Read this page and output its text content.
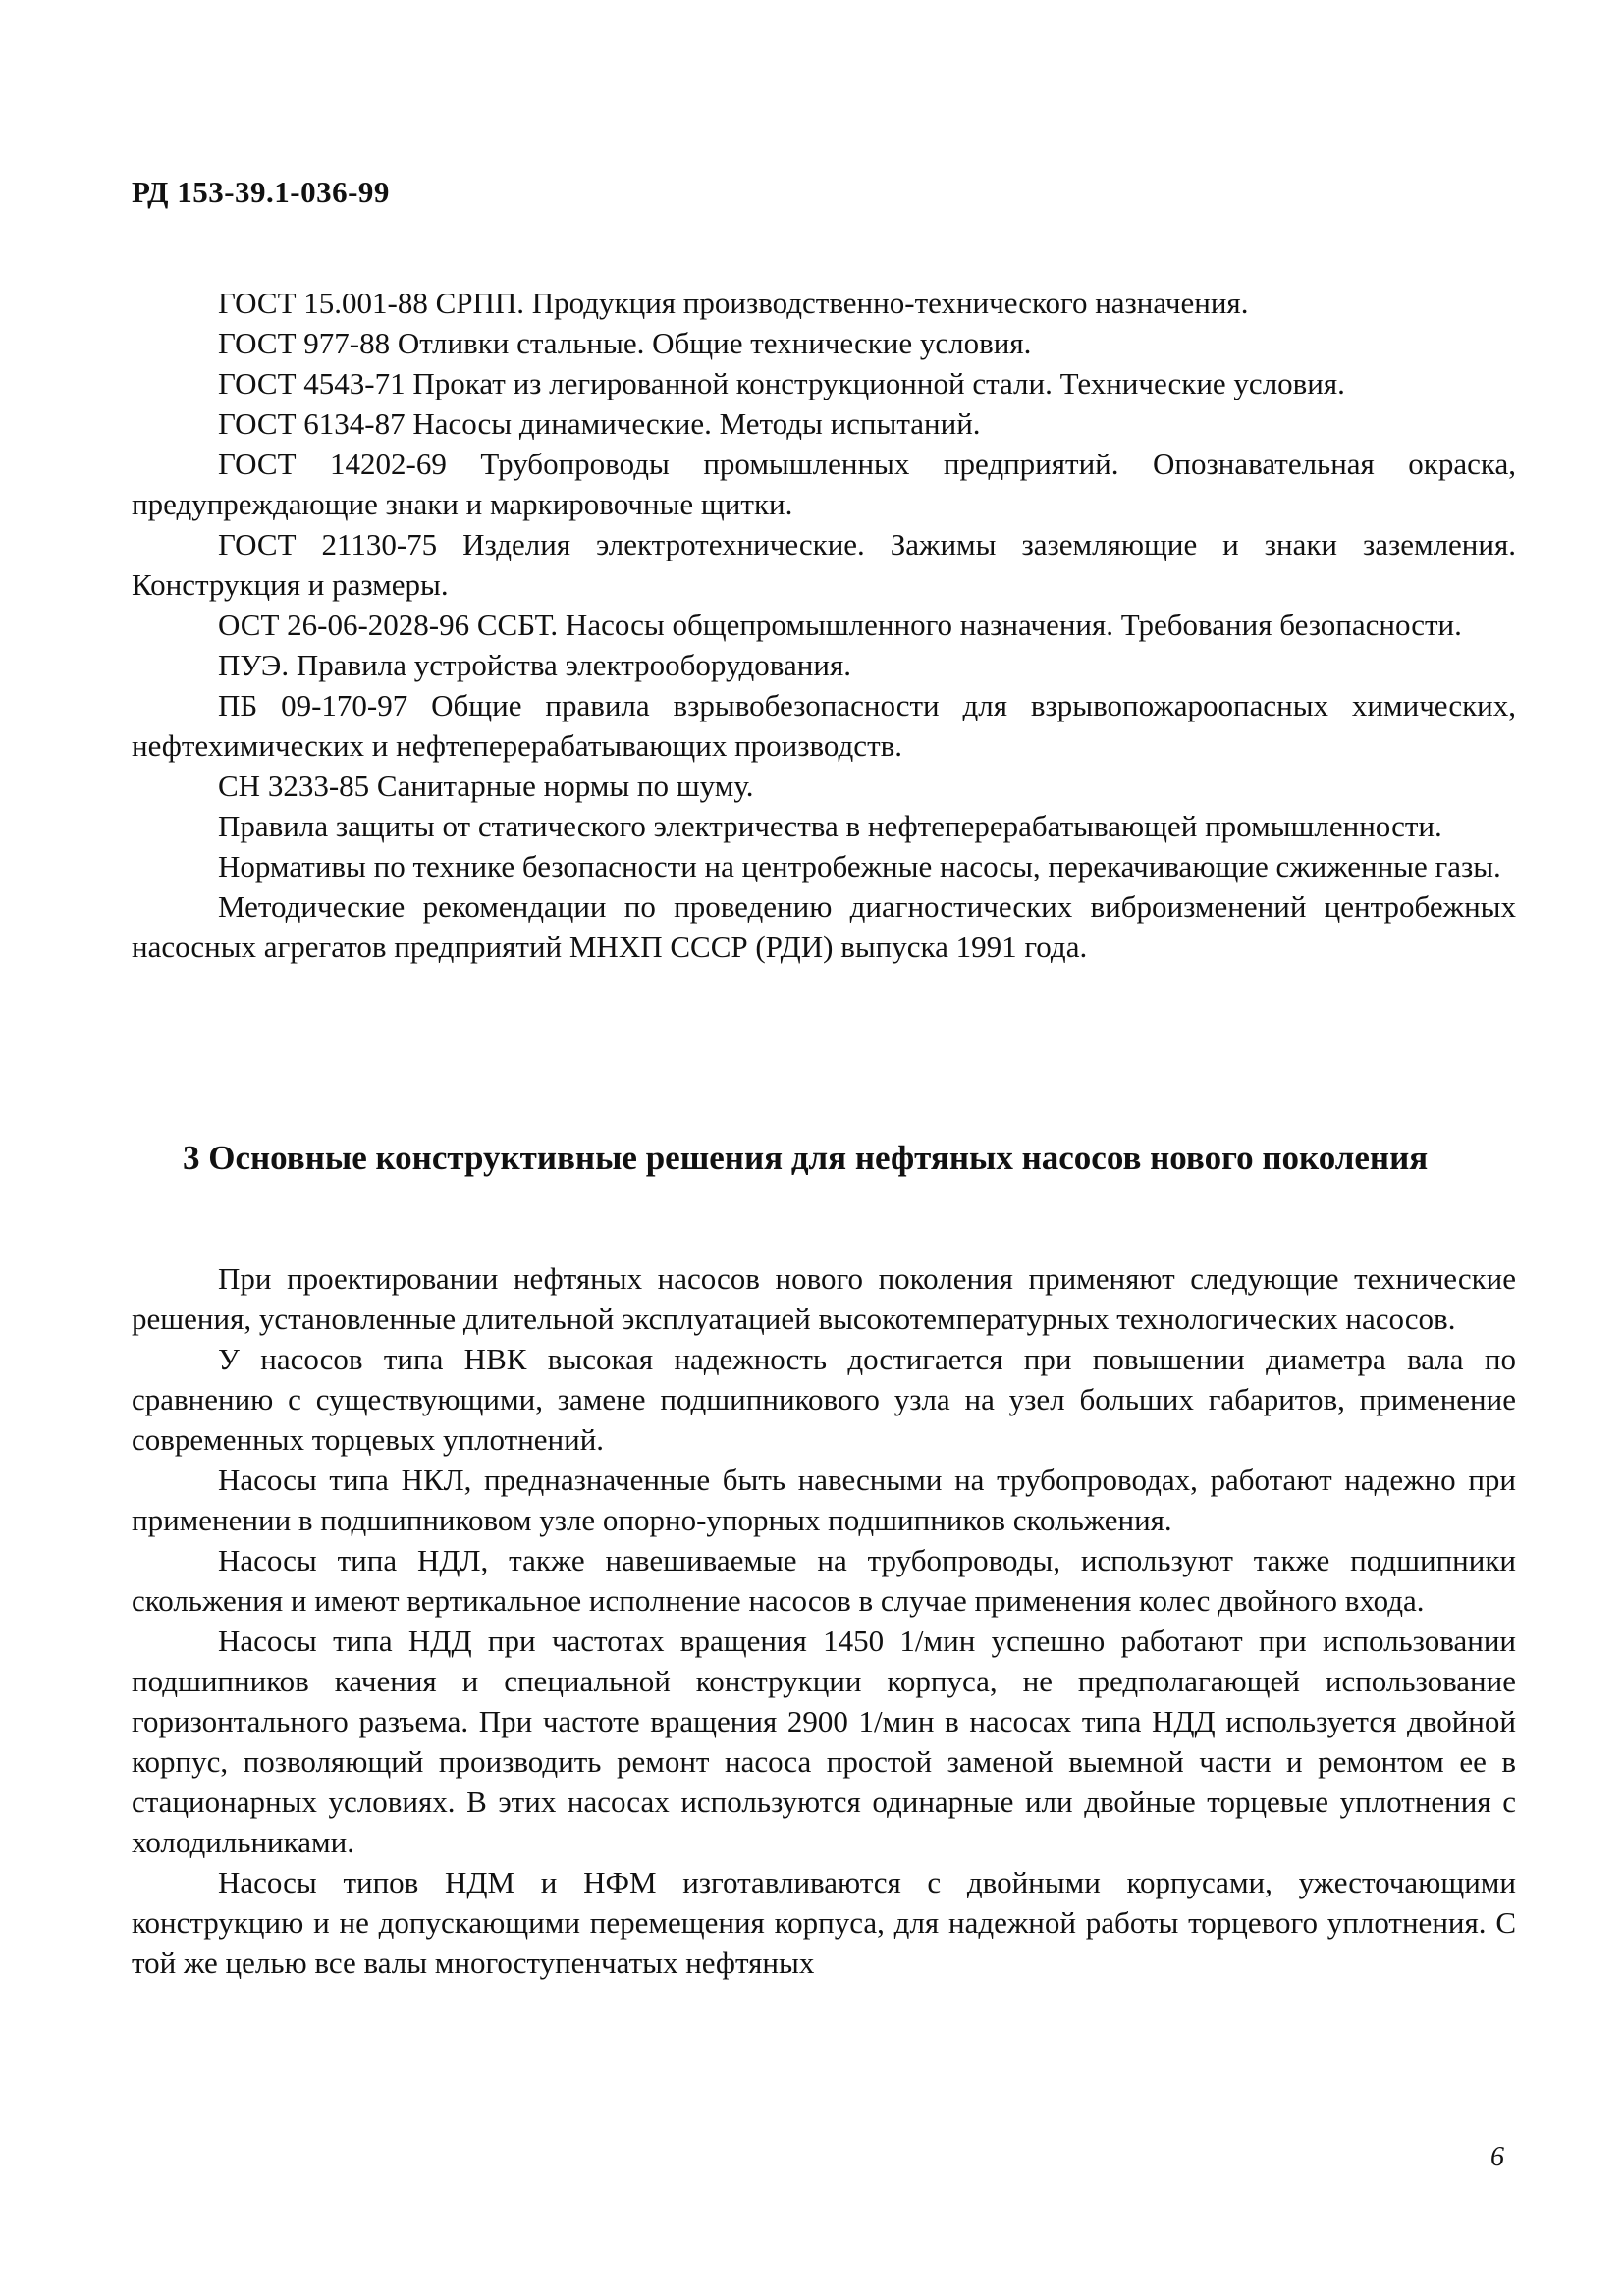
РД 153-39.1-036-99

ГОСТ 15.001-88 СРПП. Продукция производственно-технического назначения.

ГОСТ 977-88 Отливки стальные. Общие технические условия.

ГОСТ 4543-71 Прокат из легированной конструкционной стали. Технические условия.

ГОСТ 6134-87 Насосы динамические. Методы испытаний.

ГОСТ 14202-69 Трубопроводы промышленных предприятий. Опознавательная окраска, предупреждающие знаки и маркировочные щитки.

ГОСТ 21130-75 Изделия электротехнические. Зажимы заземляющие и знаки заземления. Конструкция и размеры.

ОСТ 26-06-2028-96 ССБТ. Насосы общепромышленного назначения. Требования безопасности.

ПУЭ. Правила устройства электрооборудования.

ПБ 09-170-97 Общие правила взрывобезопасности для взрывопожароопасных химических, нефтехимических и нефтеперерабатывающих производств.

СН 3233-85 Санитарные нормы по шуму.

Правила защиты от статического электричества в нефтеперерабатывающей промышленности.

Нормативы по технике безопасности на центробежные насосы, перекачивающие сжиженные газы.

Методические рекомендации по проведению диагностических виброизменений центробежных насосных агрегатов предприятий МНХП СССР (РДИ) выпуска 1991 года.

3 Основные конструктивные решения для нефтяных насосов нового поколения

При проектировании нефтяных насосов нового поколения применяют следующие технические решения, установленные длительной эксплуатацией высокотемпературных технологических насосов.

У насосов типа НВК высокая надежность достигается при повышении диаметра вала по сравнению с существующими, замене подшипникового узла на узел больших габаритов, применение современных торцевых уплотнений.

Насосы типа НКЛ, предназначенные быть навесными на трубопроводах, работают надежно при применении в подшипниковом узле опорно-упорных подшипников скольжения.

Насосы типа НДЛ, также навешиваемые на трубопроводы, используют также подшипники скольжения и имеют вертикальное исполнение насосов в случае применения колес двойного входа.

Насосы типа НДД при частотах вращения 1450 1/мин успешно работают при использовании подшипников качения и специальной конструкции корпуса, не предполагающей использование горизонтального разъема. При частоте вращения 2900 1/мин в насосах типа НДД используется двойной корпус, позволяющий производить ремонт насоса простой заменой выемной части и ремонтом ее в стационарных условиях. В этих насосах используются одинарные или двойные торцевые уплотнения с холодильниками.

Насосы типов НДМ и НФМ изготавливаются с двойными корпусами, ужесточающими конструкцию и не допускающими перемещения корпуса, для надежной работы торцевого уплотнения. С той же целью все валы многоступенчатых нефтяных

6
